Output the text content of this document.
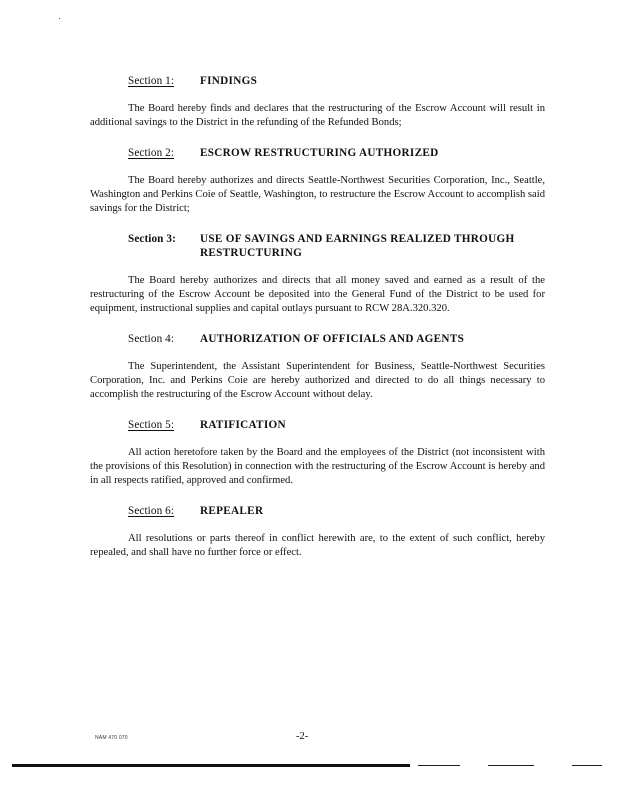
Section 1:	FINDINGS

The Board hereby finds and declares that the restructuring of the Escrow Account will result in additional savings to the District in the refunding of the Refunded Bonds;

Section 2:	ESCROW RESTRUCTURING AUTHORIZED

The Board hereby authorizes and directs Seattle-Northwest Securities Corporation, Inc., Seattle, Washington and Perkins Coie of Seattle, Washington, to restructure the Escrow Account to accomplish said savings for the District;

Section 3:	USE OF SAVINGS AND EARNINGS REALIZED THROUGH RESTRUCTURING

The Board hereby authorizes and directs that all money saved and earned as a result of the restructuring of the Escrow Account be deposited into the General Fund of the District to be used for equipment, instructional supplies and capital outlays pursuant to RCW 28A.320.320.

Section 4:	AUTHORIZATION OF OFFICIALS AND AGENTS

The Superintendent, the Assistant Superintendent for Business, Seattle-Northwest Securities Corporation, Inc. and Perkins Coie are hereby authorized and directed to do all things necessary to accomplish the restructuring of the Escrow Account without delay.

Section 5:	RATIFICATION

All action heretofore taken by the Board and the employees of the District (not inconsistent with the provisions of this Resolution) in connection with the restructuring of the Escrow Account is hereby and in all respects ratified, approved and confirmed.

Section 6:	REPEALER

All resolutions or parts thereof in conflict herewith are, to the extent of such conflict, hereby repealed, and shall have no further force or effect.

NAM 470 070	-2-
